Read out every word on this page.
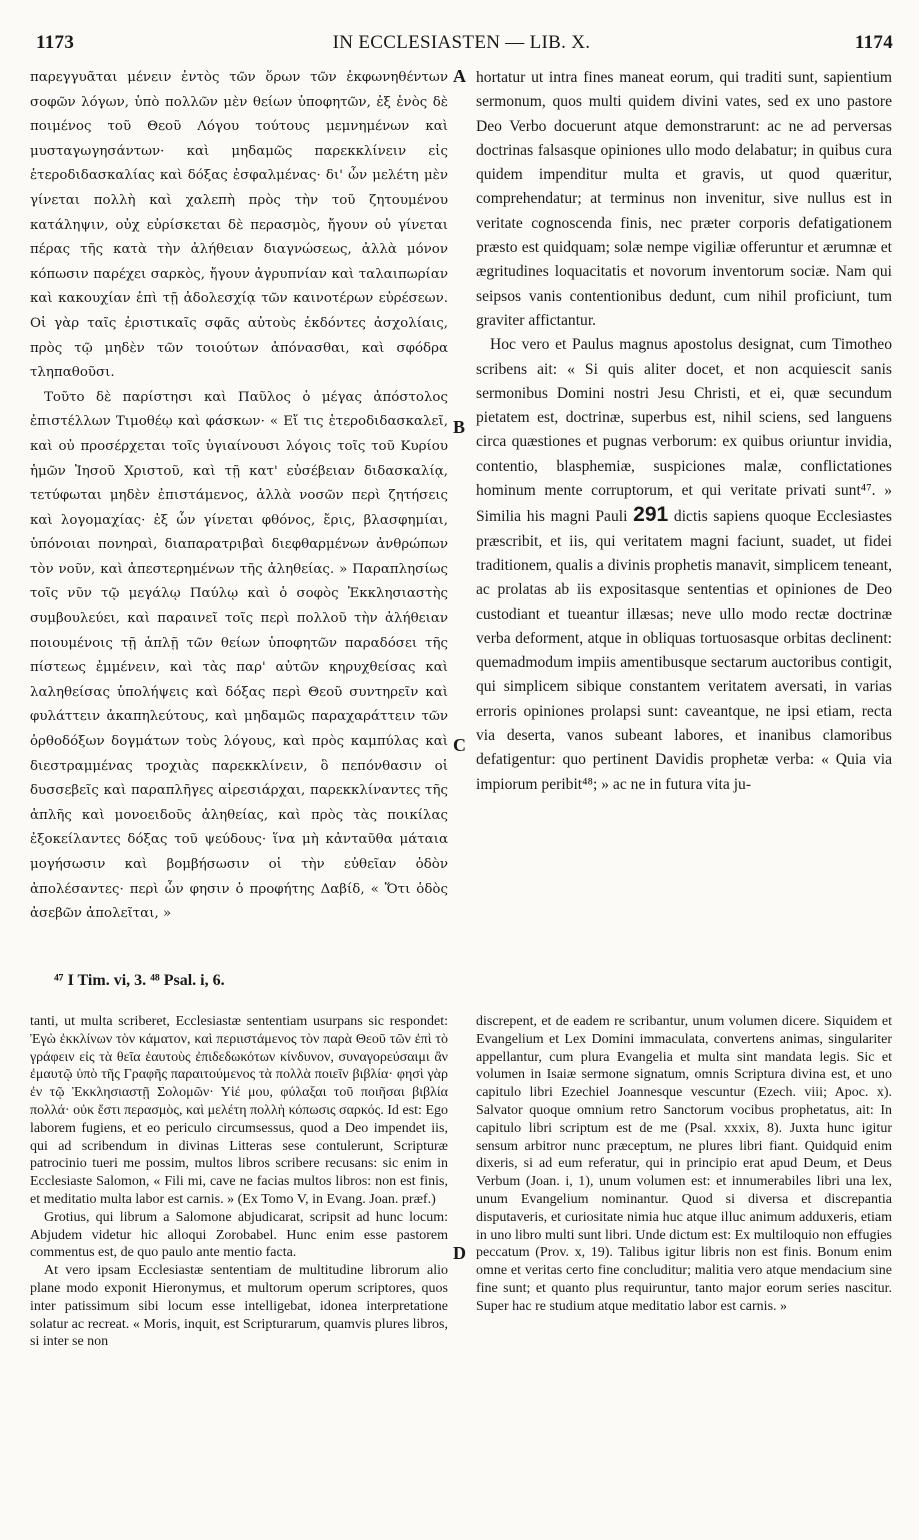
1173	IN ECCLESIASTEN — LIB. X.	1174

παρεγγυᾶται μένειν ἐντὸς τῶν ὅρων τῶν ἐκφωνηθέντων σοφῶν λόγων, ὑπὸ πολλῶν μὲν θείων ὑποφητῶν, ἐξ ἑνὸς δὲ ποιμένος τοῦ Θεοῦ Λόγου τούτους μεμνημένων καὶ μυσταγωγησάντων· καὶ μηδαμῶς παρεκκλίνειν εἰς ἑτεροδιδασκαλίας καὶ δόξας ἐσφαλμένας· δι' ὧν μελέτη μὲν γίνεται πολλὴ καὶ χαλεπὴ πρὸς τὴν τοῦ ζητουμένου κατάληψιν, οὐχ εὑρίσκεται δὲ περασμὸς, ἤγουν οὐ γίνεται πέρας τῆς κατὰ τὴν ἀλήθειαν διαγνώσεως, ἀλλὰ μόνον κόπωσιν παρέχει σαρκὸς, ἤγουν ἀγρυπνίαν καὶ ταλαιπωρίαν καὶ κακουχίαν ἐπὶ τῇ ἀδολεσχίᾳ τῶν καινοτέρων εὑρέσεων. Οἱ γὰρ ταῖς ἐριστικαῖς σφᾶς αὐτοὺς ἐκδόντες ἀσχολίαις, πρὸς τῷ μηδὲν τῶν τοιούτων ἀπόνασθαι, καὶ σφόδρα τληπαθοῦσι.

Τοῦτο δὲ παρίστησι καὶ Παῦλος ὁ μέγας ἀπόστολος ἐπιστέλλων Τιμοθέῳ καὶ φάσκων· « Εἴ τις ἑτεροδιδασκαλεῖ, καὶ οὐ προσέρχεται τοῖς ὑγιαίνουσι λόγοις τοῖς τοῦ Κυρίου ἡμῶν Ἰησοῦ Χριστοῦ, καὶ τῇ κατ' εὐσέβειαν διδασκαλίᾳ, τετύφωται μηδὲν ἐπιστάμενος, ἀλλὰ νοσῶν περὶ ζητήσεις καὶ λογομαχίας· ἐξ ὧν γίνεται φθόνος, ἔρις, βλασφημίαι, ὑπόνοιαι πονηραὶ, διαπαρατριβαὶ διεφθαρμένων ἀνθρώπων τὸν νοῦν, καὶ ἀπεστερημένων τῆς ἀληθείας. » Παραπλησίως τοῖς νῦν τῷ μεγάλῳ Παύλῳ καὶ ὁ σοφὸς Ἐκκλησιαστὴς συμβουλεύει, καὶ παραινεῖ τοῖς περὶ πολλοῦ τὴν ἀλήθειαν ποιουμένοις τῇ ἁπλῇ τῶν θείων ὑποφητῶν παραδόσει τῆς πίστεως ἐμμένειν, καὶ τὰς παρ' αὐτῶν κηρυχθείσας καὶ λαληθείσας ὑπολήψεις καὶ δόξας περὶ Θεοῦ συντηρεῖν καὶ φυλάττειν ἀκαπηλεύτους, καὶ μηδαμῶς παραχαράττειν τῶν ὀρθοδόξων δογμάτων τοὺς λόγους, καὶ πρὸς καμπύλας καὶ διεστραμμένας τροχιὰς παρεκκλίνειν, ὃ πεπόνθασιν οἱ δυσσεβεῖς καὶ παραπλῆγες αἱρεσιάρχαι, παρεκκλίναντες τῆς ἁπλῆς καὶ μονοειδοῦς ἀληθείας, καὶ πρὸς τὰς ποικίλας ἐξοκείλαντες δόξας τοῦ ψεύδους· ἵνα μὴ κἀνταῦθα μάταια μογήσωσιν καὶ βομβήσωσιν οἱ τὴν εὐθεῖαν ὁδὸν ἀπολέσαντες· περὶ ὧν φησιν ὁ προφήτης Δαβίδ, « Ὅτι ὁδὸς ἀσεβῶν ἀπολεῖται, »

hortatur ut intra fines maneat eorum, qui traditi sunt, sapientium sermonum, quos multi quidem divini vates, sed ex uno pastore Deo Verbo docuerunt atque demonstrarunt: ac ne ad perversas doctrinas falsasque opiniones ullo modo delabatur; in quibus cura quidem impenditur multa et gravis, ut quod quæritur, comprehendatur; at terminus non invenitur, sive nullus est in veritate cognoscenda finis, nec præter corporis defatigationem præsto est quidquam; solæ nempe vigiliæ offeruntur et ærumnæ et ægritudines loquacitatis et novorum inventorum sociæ. Nam qui seipsos vanis contentionibus dedunt, cum nihil proficiunt, tum graviter affictantur.

Hoc vero et Paulus magnus apostolus designat, cum Timotheo scribens ait: « Si quis aliter docet, et non acquiescit sanis sermonibus Domini nostri Jesu Christi, et ei, quæ secundum pietatem est, doctrinæ, superbus est, nihil sciens, sed languens circa quæstiones et pugnas verborum: ex quibus oriuntur invidia, contentio, blasphemiæ, suspiciones malæ, conflictationes hominum mente corruptorum, et qui veritate privati sunt⁴⁷. » Similia his magni Pauli 291 dictis sapiens quoque Ecclesiastes præscribit, et iis, qui veritatem magni faciunt, suadet, ut fidei traditionem, qualis a divinis prophetis manavit, simplicem teneant, ac prolatas ab iis expositasque sententias et opiniones de Deo custodiant et tueantur illæsas; neve ullo modo rectæ doctrinæ verba deforment, atque in obliquas tortuosasque orbitas declinent: quemadmodum impiis amentibusque sectarum auctoribus contigit, qui simplicem sibique constantem veritatem aversati, in varias erroris opiniones prolapsi sunt: caveantque, ne ipsi etiam, recta via deserta, vanos subeant labores, et inanibus clamoribus defatigentur: quo pertinent Davidis prophetæ verba: « Quia via impiorum peribit⁴⁸; » ac ne in futura vita ju-

A
B
C
D
⁴⁷ I Tim. vi, 3. ⁴⁸ Psal. i, 6.

tanti, ut multa scriberet, Ecclesiastæ sententiam usurpans sic respondet: Ἐγὼ ἐκκλίνων τὸν κάματον, καὶ περιιστάμενος τὸν παρὰ Θεοῦ τῶν ἐπὶ τὸ γράφειν εἰς τὰ θεῖα ἑαυτοὺς ἐπιδεδωκότων κίνδυνον, συναγορεύσαιμι ἂν ἐμαυτῷ ὑπὸ τῆς Γραφῆς παραιτούμενος τὰ πολλὰ ποιεῖν βιβλία· φησὶ γὰρ ἐν τῷ Ἐκκλησιαστῇ Σολομῶν· Υἱέ μου, φύλαξαι τοῦ ποιῆσαι βιβλία πολλά· οὐκ ἔστι περασμὸς, καὶ μελέτη πολλὴ κόπωσις σαρκός. Id est: Ego laborem fugiens, et eo periculo circumsessus, quod a Deo impendet iis, qui ad scribendum in divinas Litteras sese contulerunt, Scripturæ patrocinio tueri me possim, multos libros scribere recusans: sic enim in Ecclesiaste Salomon, « Fili mi, cave ne facias multos libros: non est finis, et meditatio multa labor est carnis. » (Ex Tomo V, in Evang. Joan. præf.)

Grotius, qui librum a Salomone abjudicarat, scripsit ad hunc locum: Abjudem videtur hic alloqui Zorobabel. Hunc enim esse pastorem commentus est, de quo paulo ante mentio facta.

At vero ipsam Ecclesiastæ sententiam de multitudine librorum alio plane modo exponit Hieronymus, et multorum operum scriptores, quos inter patissimum sibi locum esse intelligebat, idonea interpretatione solatur ac recreat. « Moris, inquit, est Scripturarum, quamvis plures libros, si inter se non

discrepent, et de eadem re scribantur, unum volumen dicere. Siquidem et Evangelium et Lex Domini immaculata, convertens animas, singulariter appellantur, cum plura Evangelia et multa sint mandata legis. Sic et volumen in Isaiæ sermone signatum, omnis Scriptura divina est, et uno capitulo libri Ezechiel Joannesque vescuntur (Ezech. viii; Apoc. x). Salvator quoque omnium retro Sanctorum vocibus prophetatus, ait: In capitulo libri scriptum est de me (Psal. xxxix, 8). Juxta hunc igitur sensum arbitror nunc præceptum, ne plures libri fiant. Quidquid enim dixeris, si ad eum referatur, qui in principio erat apud Deum, et Deus Verbum (Joan. i, 1), unum volumen est: et innumerabiles libri una lex, unum Evangelium nominantur. Quod si diversa et discrepantia disputaveris, et curiositate nimia huc atque illuc animum adduxeris, etiam in uno libro multi sunt libri. Unde dictum est: Ex multiloquio non effugies peccatum (Prov. x, 19). Talibus igitur libris non est finis. Bonum enim omne et veritas certo fine concluditur; malitia vero atque mendacium sine fine sunt; et quanto plus requiruntur, tanto major eorum series nascitur. Super hac re studium atque meditatio labor est carnis. »
